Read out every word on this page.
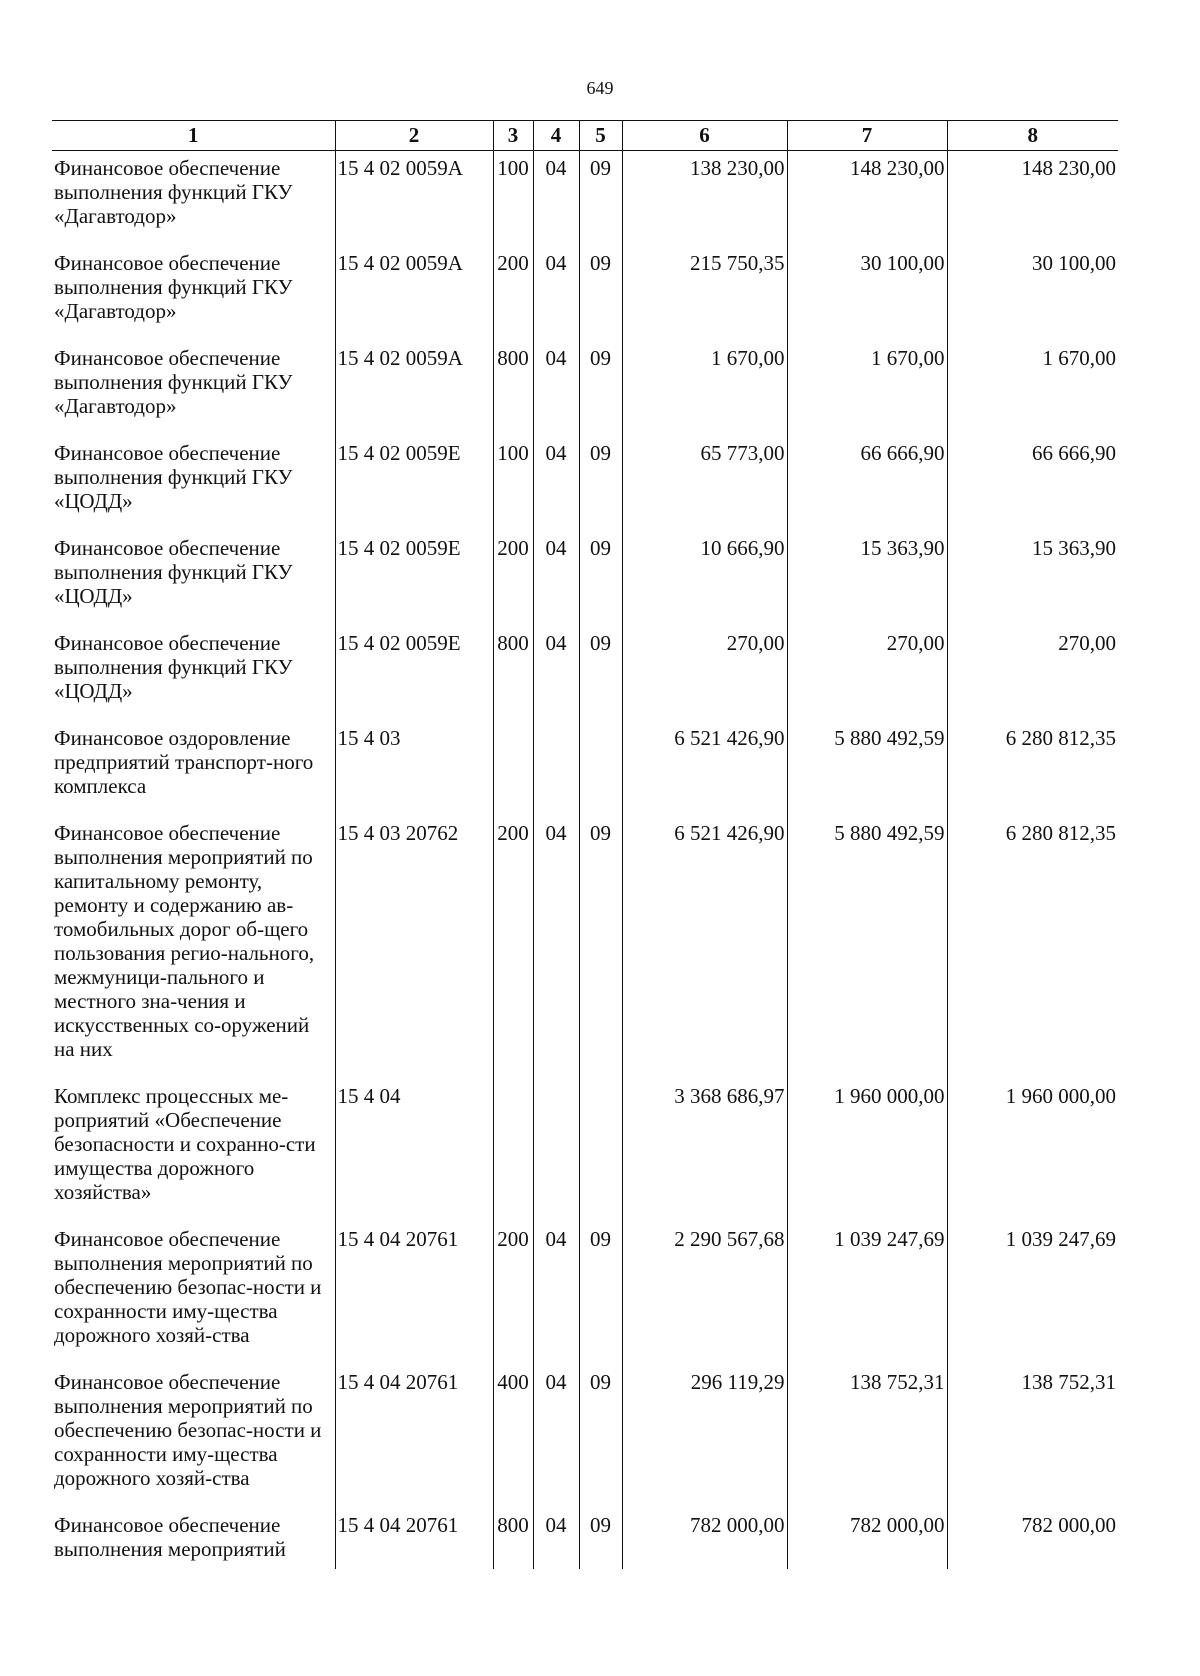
649
1	2	3	4	5	6	7	8
Финансовое обеспечение выполнения функций ГКУ «Дагавтодор»	15 4 02 0059А	100	04	09	138 230,00	148 230,00	148 230,00
Финансовое обеспечение выполнения функций ГКУ «Дагавтодор»	15 4 02 0059А	200	04	09	215 750,35	30 100,00	30 100,00
Финансовое обеспечение выполнения функций ГКУ «Дагавтодор»	15 4 02 0059А	800	04	09	1 670,00	1 670,00	1 670,00
Финансовое обеспечение выполнения функций ГКУ «ЦОДД»	15 4 02 0059Е	100	04	09	65 773,00	66 666,90	66 666,90
Финансовое обеспечение выполнения функций ГКУ «ЦОДД»	15 4 02 0059Е	200	04	09	10 666,90	15 363,90	15 363,90
Финансовое обеспечение выполнения функций ГКУ «ЦОДД»	15 4 02 0059Е	800	04	09	270,00	270,00	270,00
Финансовое оздоровление предприятий транспорт-ного комплекса	15 4 03				6 521 426,90	5 880 492,59	6 280 812,35
Финансовое обеспечение выполнения мероприятий по капитальному ремонту, ремонту и содержанию ав-томобильных дорог об-щего пользования регио-нального, межмуници-пального и местного зна-чения и искусственных со-оружений на них	15 4 03 20762	200	04	09	6 521 426,90	5 880 492,59	6 280 812,35
Комплекс процессных ме-роприятий «Обеспечение безопасности и сохранно-сти имущества дорожного хозяйства»	15 4 04				3 368 686,97	1 960 000,00	1 960 000,00
Финансовое обеспечение выполнения мероприятий по обеспечению безопас-ности и сохранности иму-щества дорожного хозяй-ства	15 4 04 20761	200	04	09	2 290 567,68	1 039 247,69	1 039 247,69
Финансовое обеспечение выполнения мероприятий по обеспечению безопас-ности и сохранности иму-щества дорожного хозяй-ства	15 4 04 20761	400	04	09	296 119,29	138 752,31	138 752,31
Финансовое обеспечение выполнения мероприятий	15 4 04 20761	800	04	09	782 000,00	782 000,00	782 000,00
